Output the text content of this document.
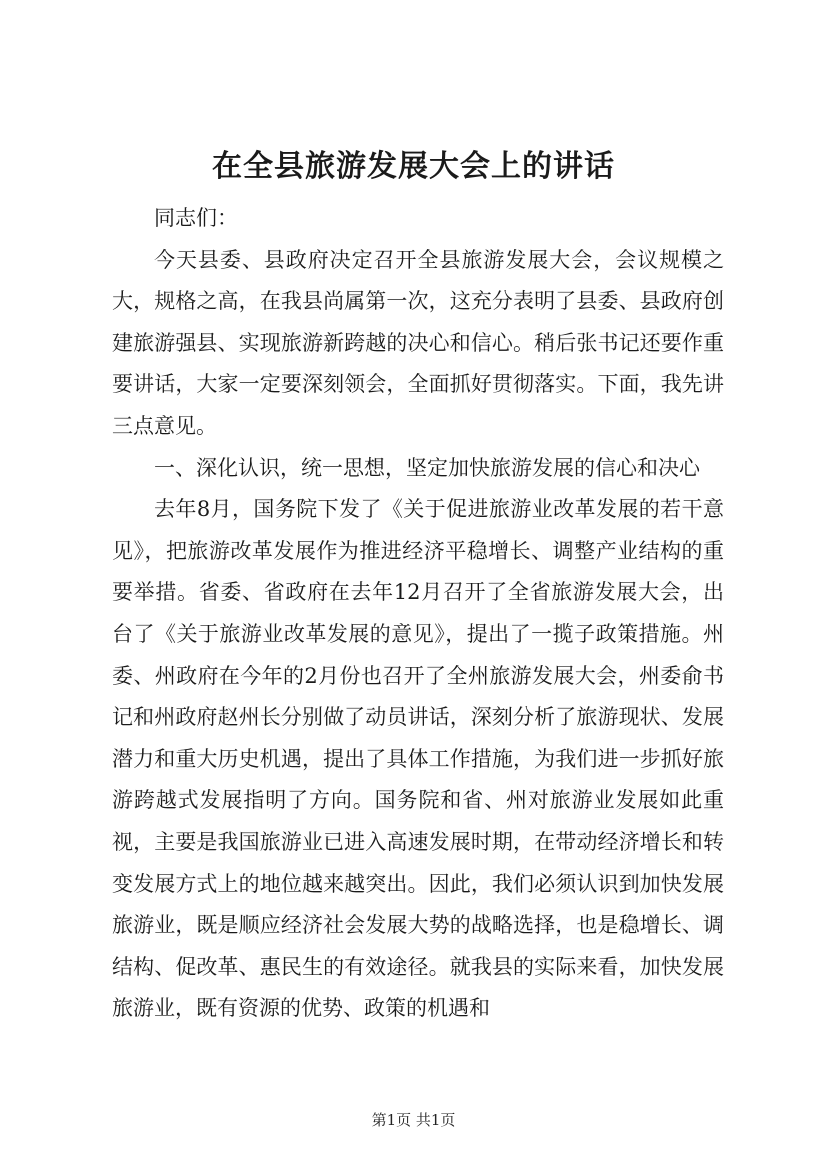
在全县旅游发展大会上的讲话

同志们：

今天县委、县政府决定召开全县旅游发展大会，会议规模之大，规格之高，在我县尚属第一次，这充分表明了县委、县政府创建旅游强县、实现旅游新跨越的决心和信心。稍后张书记还要作重要讲话，大家一定要深刻领会，全面抓好贯彻落实。下面，我先讲三点意见。

一、深化认识，统一思想，坚定加快旅游发展的信心和决心

去年8月，国务院下发了《关于促进旅游业改革发展的若干意见》，把旅游改革发展作为推进经济平稳增长、调整产业结构的重要举措。省委、省政府在去年12月召开了全省旅游发展大会，出台了《关于旅游业改革发展的意见》，提出了一揽子政策措施。州委、州政府在今年的2月份也召开了全州旅游发展大会，州委俞书记和州政府赵州长分别做了动员讲话，深刻分析了旅游现状、发展潜力和重大历史机遇，提出了具体工作措施，为我们进一步抓好旅游跨越式发展指明了方向。国务院和省、州对旅游业发展如此重视，主要是我国旅游业已进入高速发展时期，在带动经济增长和转变发展方式上的地位越来越突出。因此，我们必须认识到加快发展旅游业，既是顺应经济社会发展大势的战略选择，也是稳增长、调结构、促改革、惠民生的有效途径。就我县的实际来看，加快发展旅游业，既有资源的优势、政策的机遇和

第1页 共1页
